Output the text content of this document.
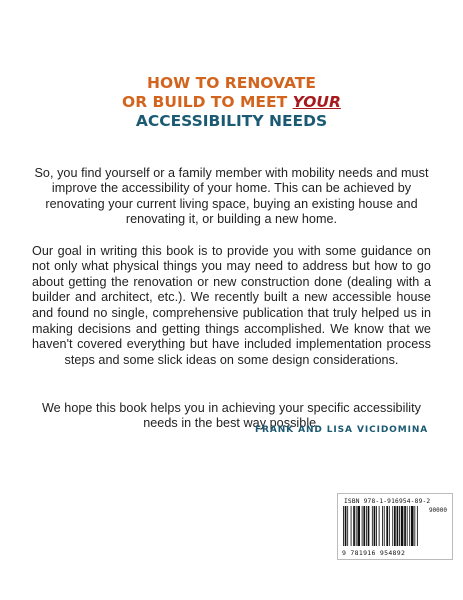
HOW TO RENOVATE
OR BUILD TO MEET YOUR
ACCESSIBILITY NEEDS

So, you find yourself or a family member with mobility needs and must improve the accessibility of your home. This can be achieved by renovating your current living space, buying an existing house and renovating it, or building a new home.

Our goal in writing this book is to provide you with some guidance on not only what physical things you may need to address but how to go about getting the renovation or new construction done (dealing with a builder and architect, etc.). We recently built a new accessible house and found no single, comprehensive publication that truly helped us in making decisions and getting things accomplished. We know that we haven't covered everything but have included implementation process steps and some slick ideas on some design considerations.

We hope this book helps you in achieving your specific accessibility needs in the best way possible.

FRANK AND LISA VICIDOMINA
ISBN 978-1-916954-89-2
90000
9 781916 954892
